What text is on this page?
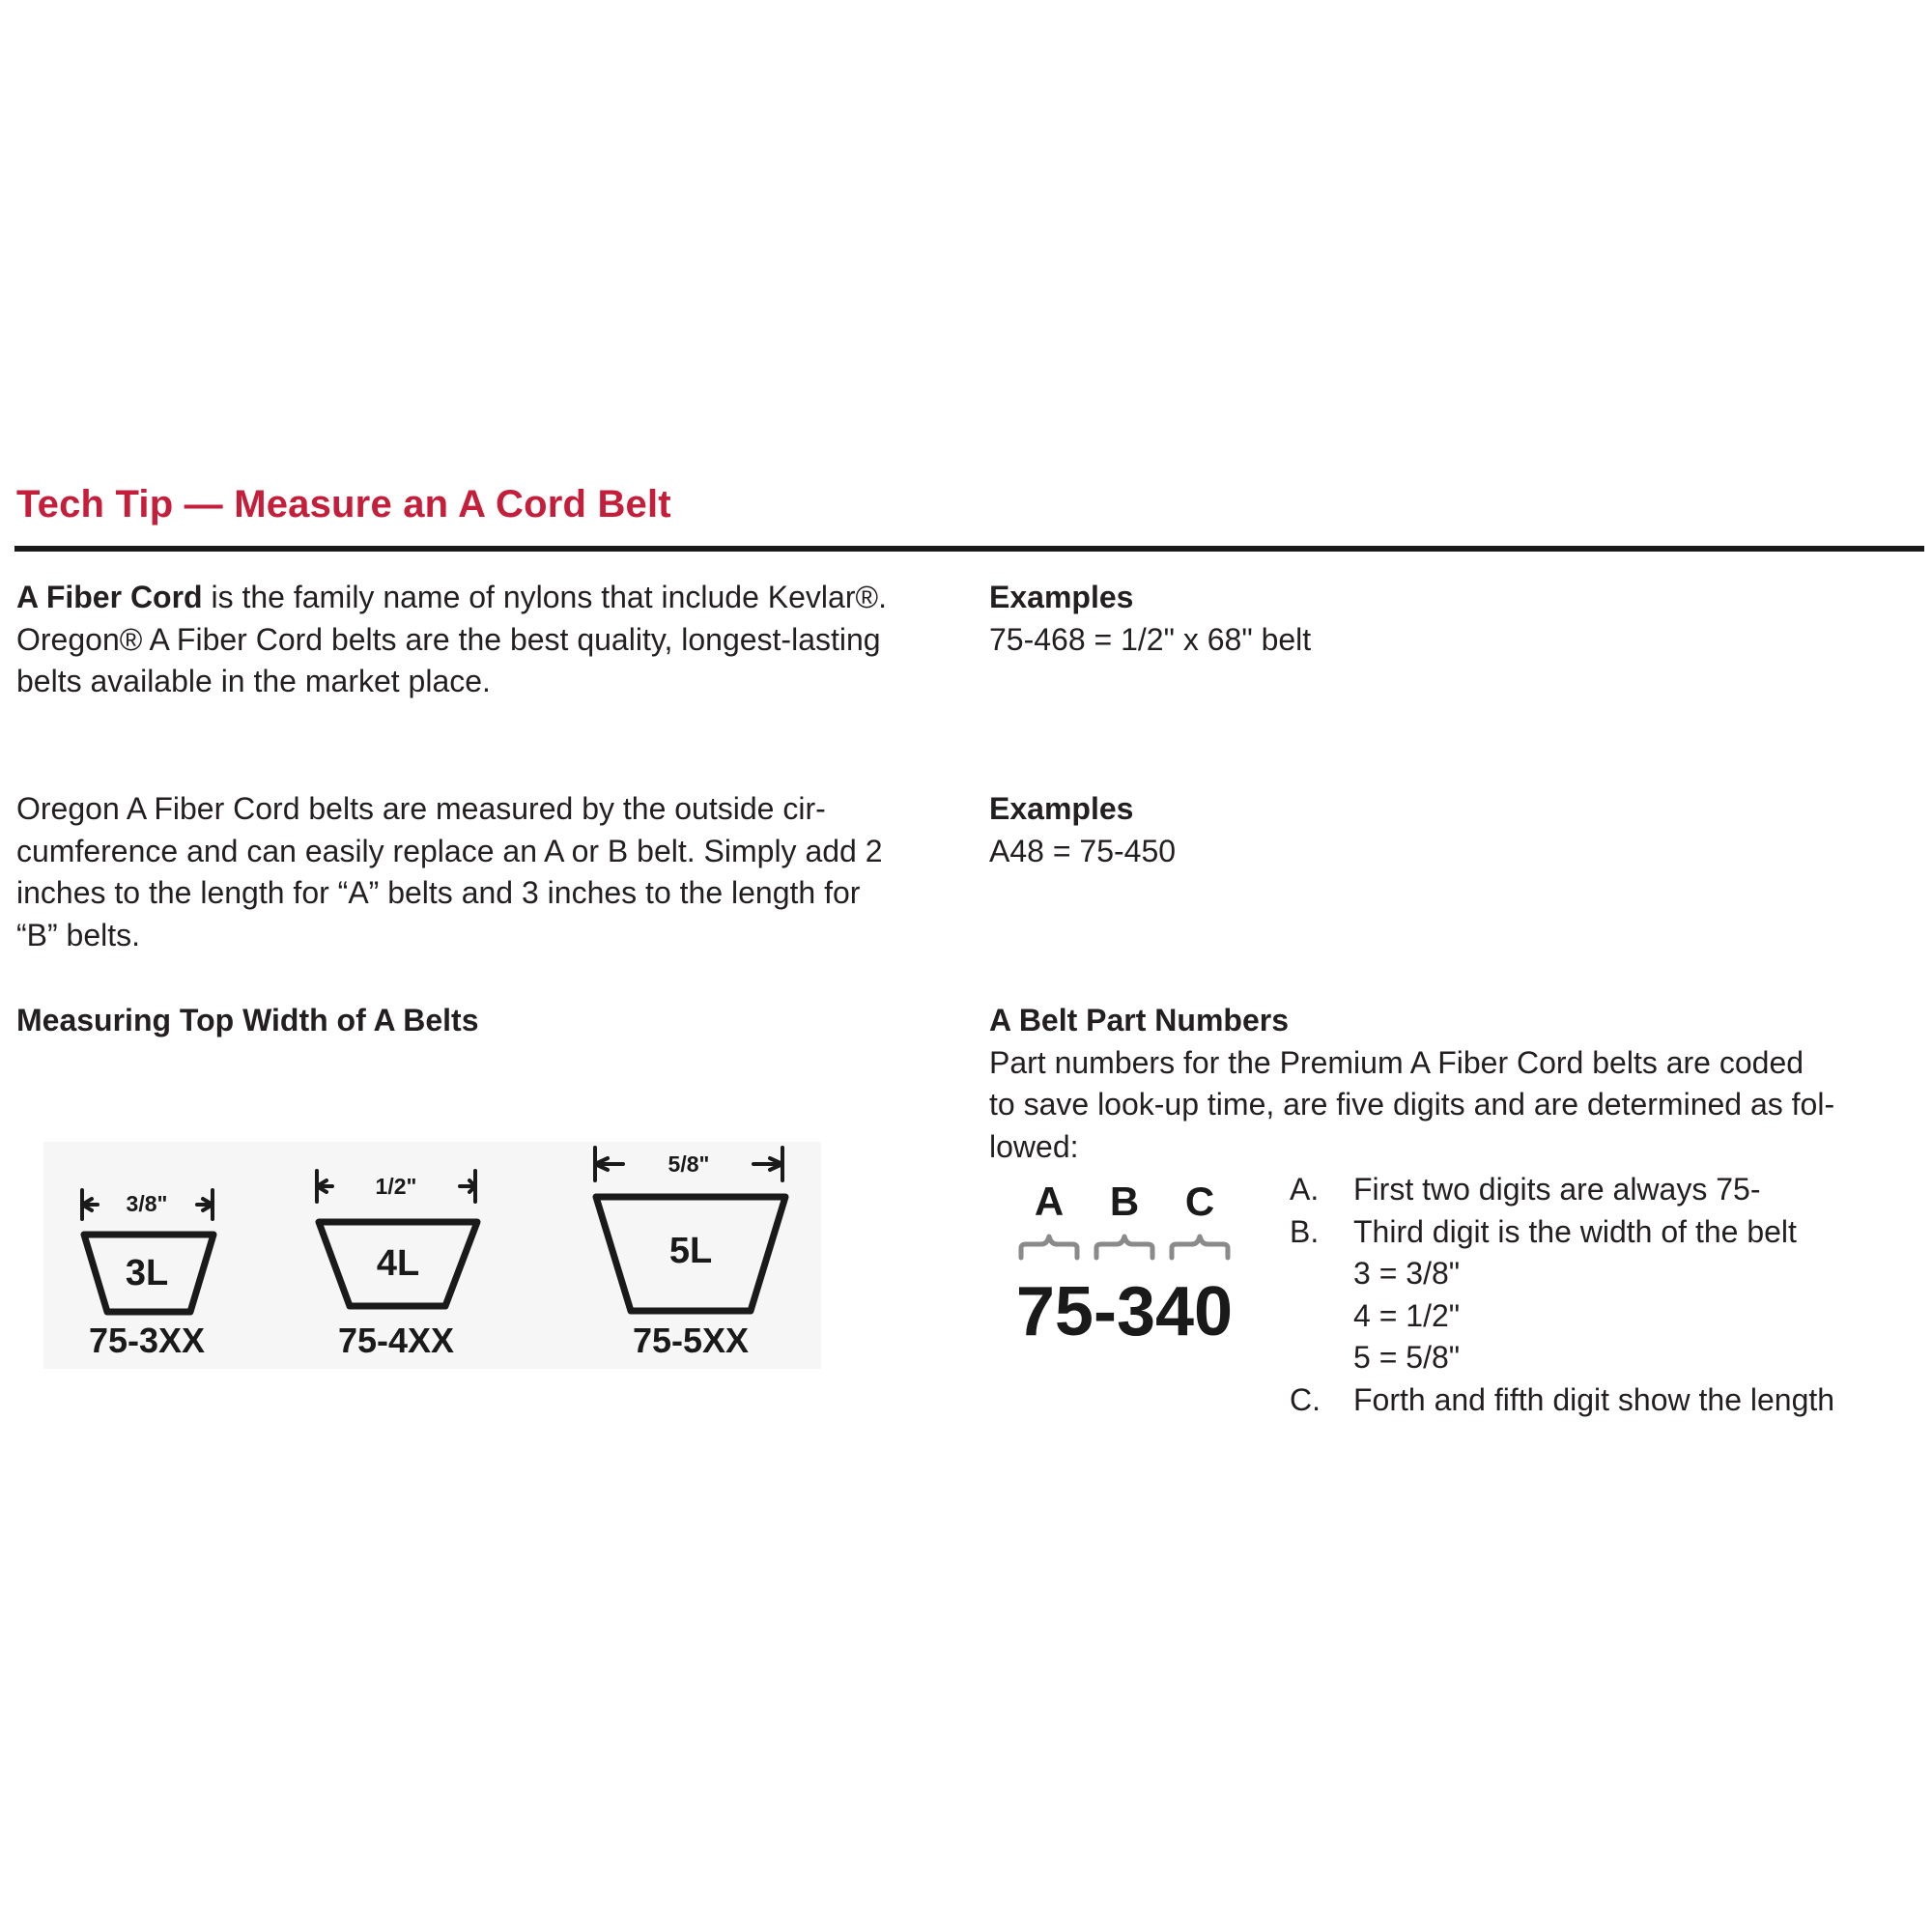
Tech Tip — Measure an A Cord Belt
A Fiber Cord is the family name of nylons that include Kevlar®.
Oregon® A Fiber Cord belts are the best quality, longest-lasting
belts available in the market place.
Examples
75-468 = 1/2" x 68" belt
Oregon A Fiber Cord belts are measured by the outside cir-
cumference and can easily replace an A or B belt. Simply add 2
inches to the length for “A” belts and 3 inches to the length for
“B” belts.
Examples
A48 = 75-450
Measuring Top Width of A Belts
3/8"
3L
75-3XX
1/2"
4L
75-4XX
5/8"
5L
75-5XX
A Belt Part Numbers
Part numbers for the Premium A Fiber Cord belts are coded
to save look-up time, are five digits and are determined as fol-
lowed:
A B C
75-340
A.	First two digits are always 75-
B.	Third digit is the width of the belt
3 = 3/8"
4 = 1/2"
5 = 5/8"
C.	Forth and fifth digit show the length
